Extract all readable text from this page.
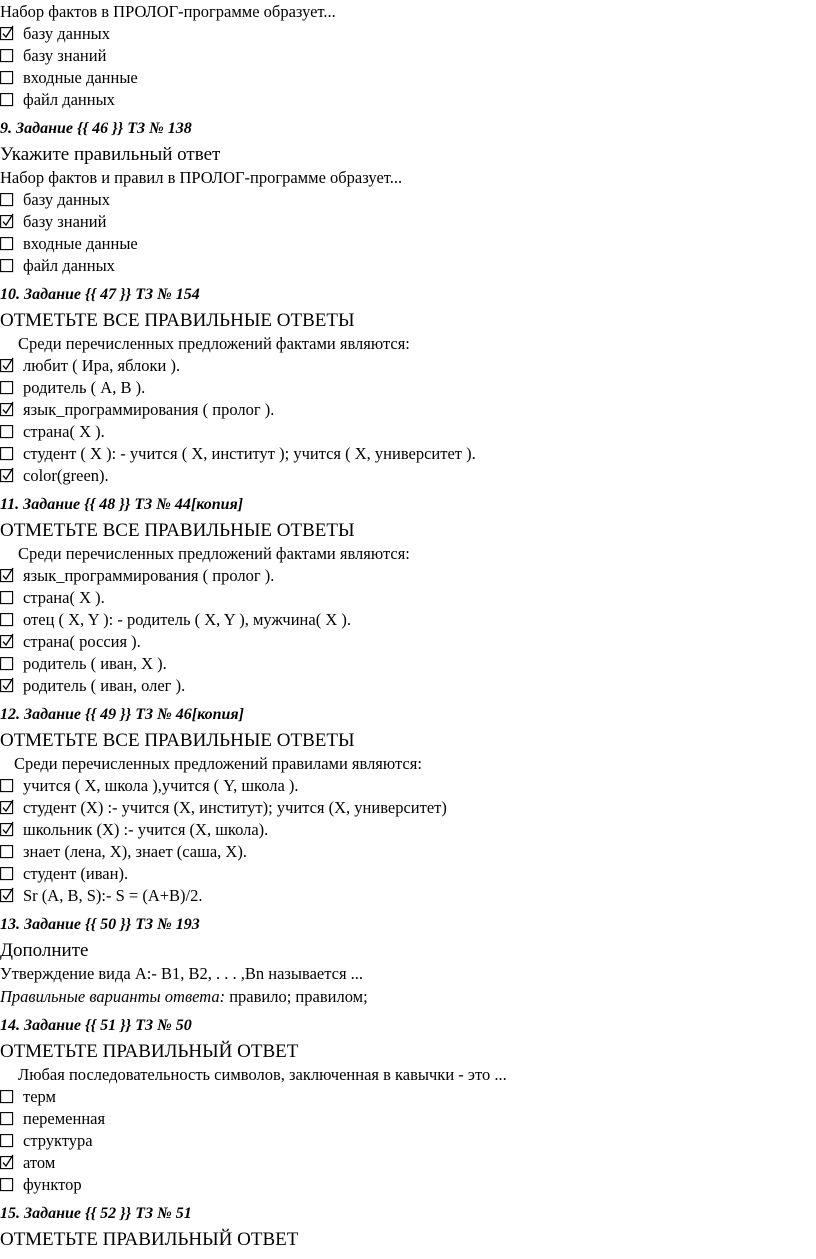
Набор фактов в ПРОЛОГ-программе образует...
базу данных
базу знаний
входные данные
файл данных
9. Задание {{ 46 }} ТЗ № 138
Укажите правильный ответ
Набор фактов и правил в ПРОЛОГ-программе образует...
базу данных
базу знаний
входные данные
файл данных
10. Задание {{ 47 }} ТЗ № 154
ОТМЕТЬТЕ ВСЕ ПРАВИЛЬНЫЕ ОТВЕТЫ
Среди перечисленных предложений фактами являются:
любит ( Ира, яблоки ).
родитель ( А, В ).
язык_программирования ( пролог ).
страна( Х ).
студент ( Х ): - учится ( Х, институт ); учится ( Х, университет ).
color(green).
11. Задание {{ 48 }} ТЗ № 44[копия]
ОТМЕТЬТЕ ВСЕ ПРАВИЛЬНЫЕ ОТВЕТЫ
Среди перечисленных предложений фактами являются:
язык_программирования ( пролог ).
страна( Х ).
отец ( X, Y ): - родитель ( X, Y ), мужчина( X ).
страна( россия ).
родитель ( иван, Х ).
родитель ( иван, олег ).
12. Задание {{ 49 }} ТЗ № 46[копия]
ОТМЕТЬТЕ ВСЕ ПРАВИЛЬНЫЕ ОТВЕТЫ
Среди перечисленных предложений правилами являются:
учится ( X, школа ),учится ( Y, школа ).
студент (Х) :- учится (Х, институт); учится (Х, университет)
школьник (Х) :- учится (Х, школа).
знает (лена, X), знает (саша, X).
студент (иван).
Sr (A, B, S):- S = (A+B)/2.
13. Задание {{ 50 }} ТЗ № 193
Дополните
Утверждение вида А:- В1, В2, . . . ,Вn называется ...
Правильные варианты ответа: правило; правилом;
14. Задание {{ 51 }} ТЗ № 50
ОТМЕТЬТЕ ПРАВИЛЬНЫЙ ОТВЕТ
Любая последовательность символов, заключенная в кавычки - это ...
терм
переменная
структура
атом
функтор
15. Задание {{ 52 }} ТЗ № 51
ОТМЕТЬТЕ ПРАВИЛЬНЫЙ ОТВЕТ
